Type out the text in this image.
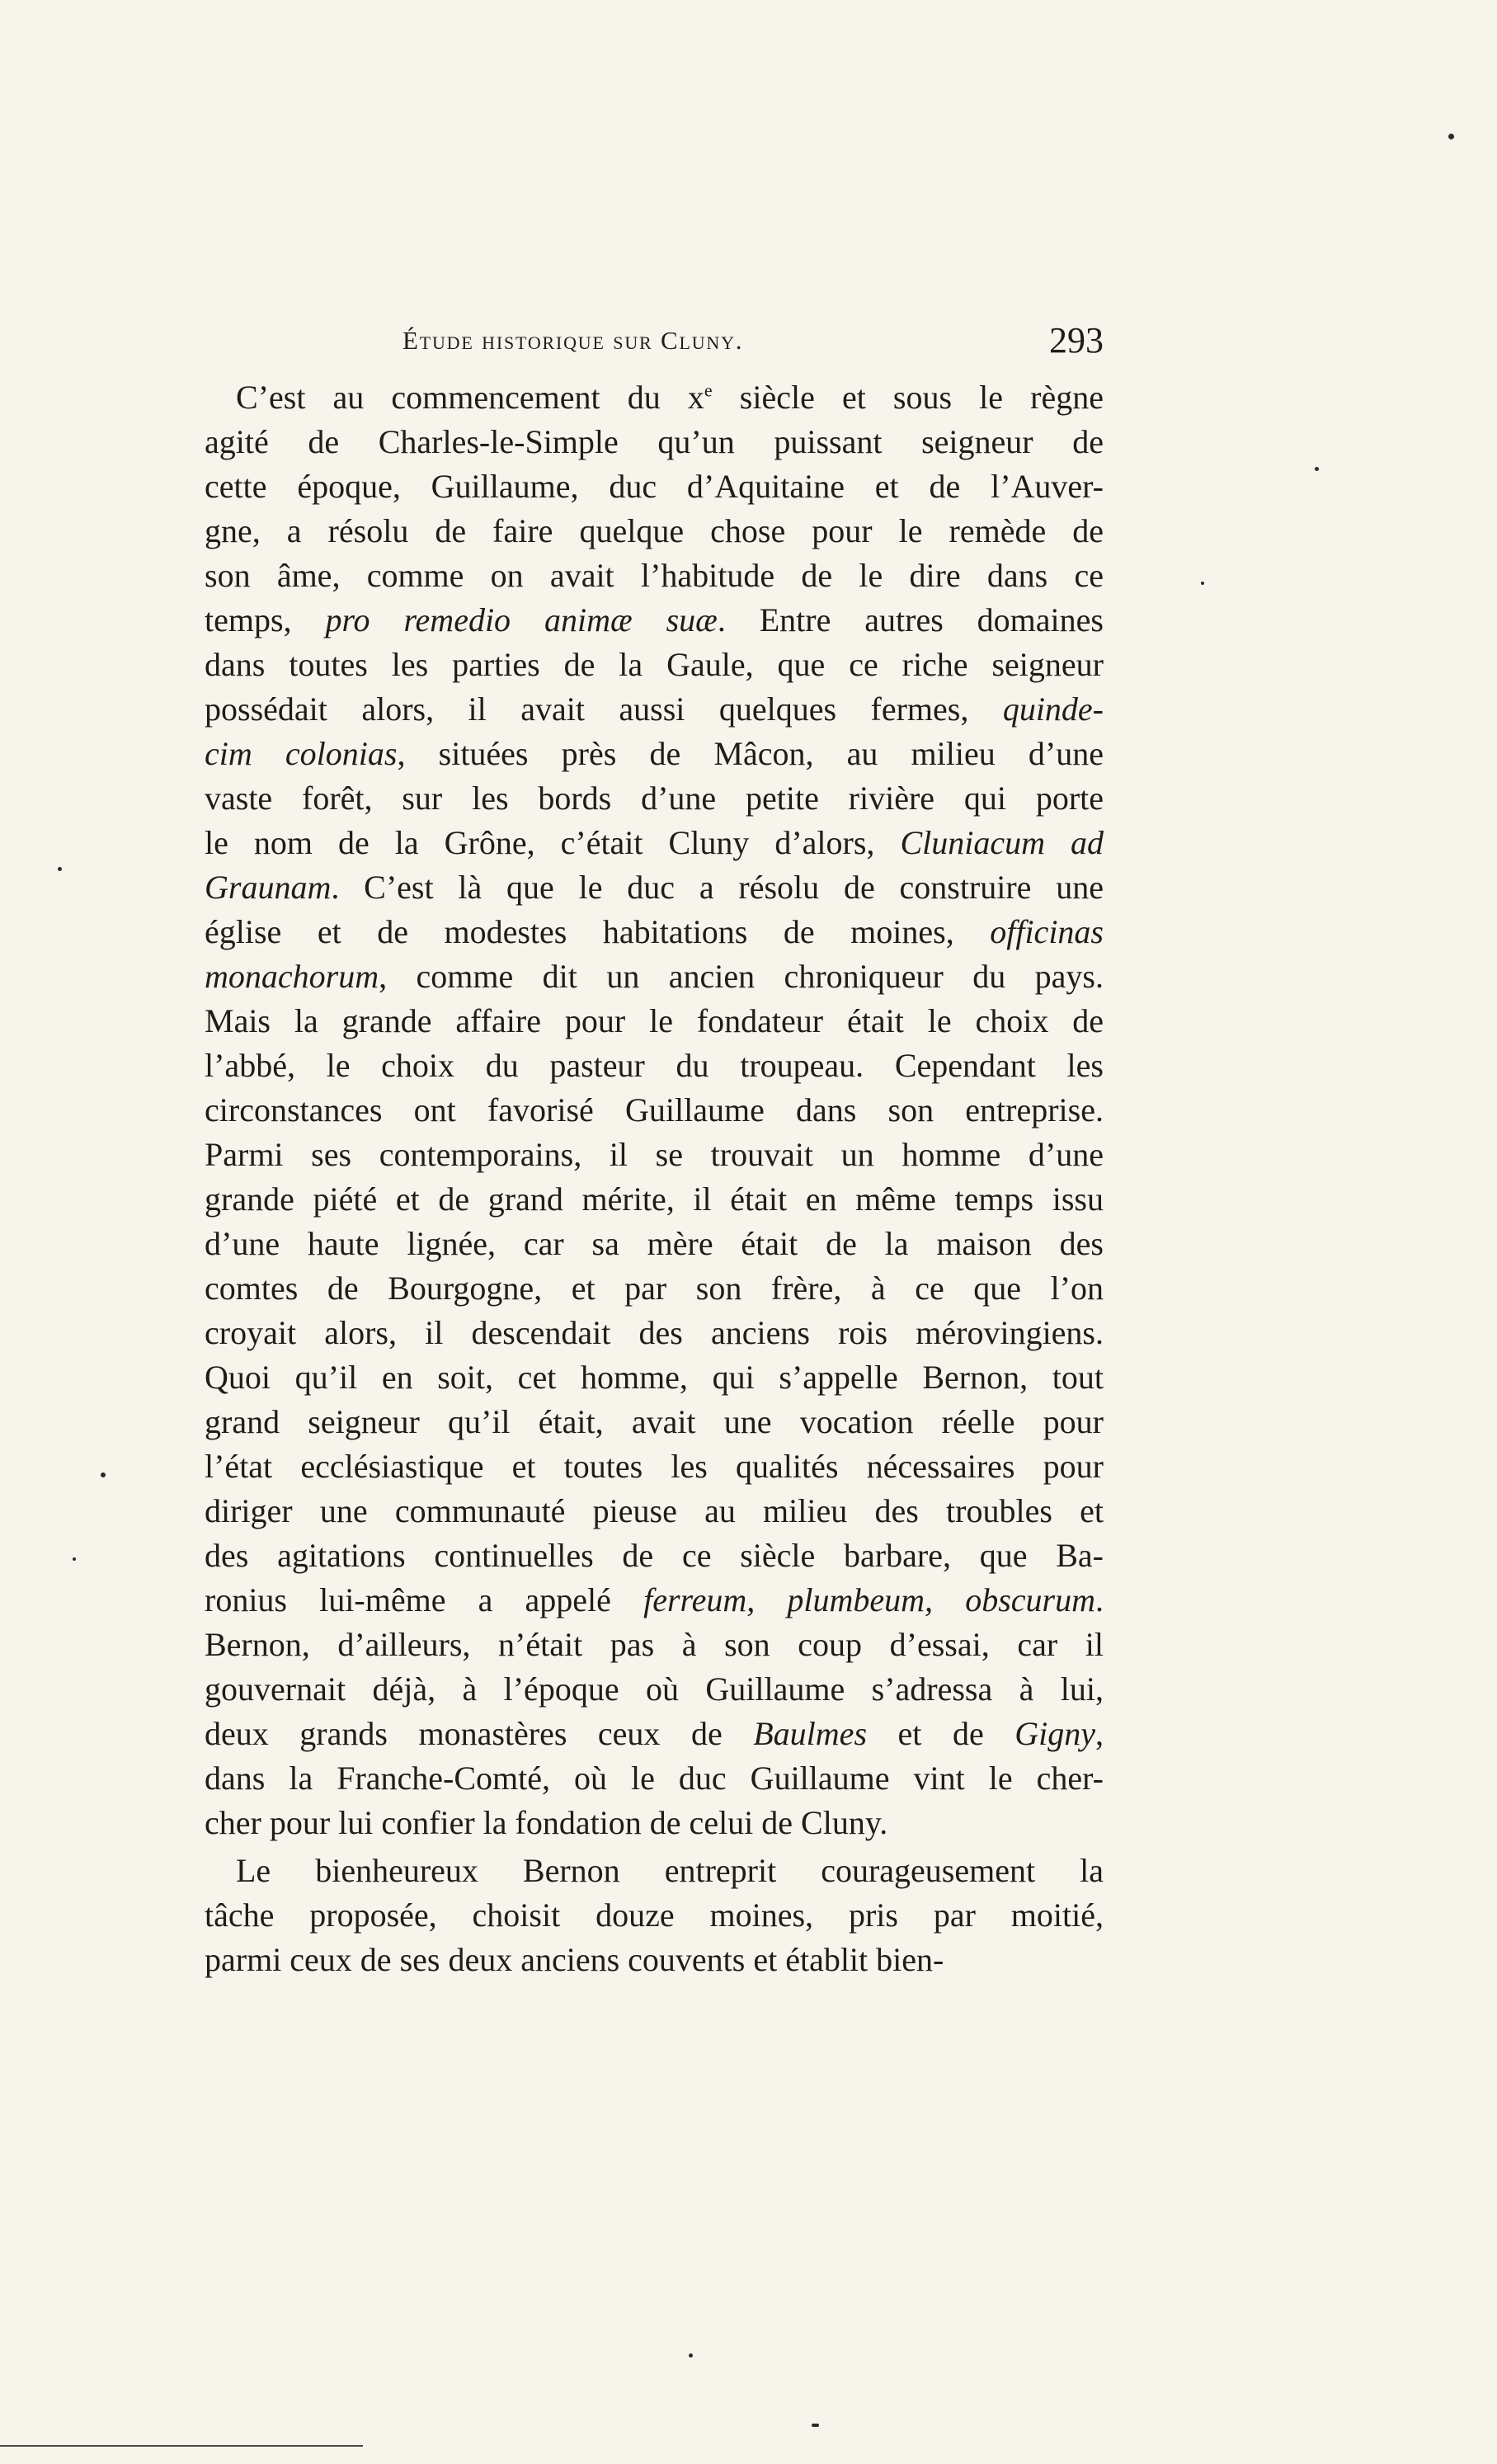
Étude historique sur Cluny.	293
C’est au commencement du $x^e$ siècle et sous le règne
agité de Charles-le-Simple qu’un puissant seigneur de
cette époque, Guillaume, duc d’Aquitaine et de l’Auver-
gne, a résolu de faire quelque chose pour le remède de
son âme, comme on avait l’habitude de le dire dans ce
temps, pro remedio animæ suæ. Entre autres domaines
dans toutes les parties de la Gaule, que ce riche seigneur
possédait alors, il avait aussi quelques fermes, quinde-
cim colonias, situées près de Mâcon, au milieu d’une
vaste forêt, sur les bords d’une petite rivière qui porte
le nom de la Grône, c’était Cluny d’alors, Cluniacum ad
Graunam. C’est là que le duc a résolu de construire une
église et de modestes habitations de moines, officinas
monachorum, comme dit un ancien chroniqueur du pays.
Mais la grande affaire pour le fondateur était le choix de
l’abbé, le choix du pasteur du troupeau. Cependant les
circonstances ont favorisé Guillaume dans son entreprise.
Parmi ses contemporains, il se trouvait un homme d’une
grande piété et de grand mérite, il était en même temps issu
d’une haute lignée, car sa mère était de la maison des
comtes de Bourgogne, et par son frère, à ce que l’on
croyait alors, il descendait des anciens rois mérovingiens.
Quoi qu’il en soit, cet homme, qui s’appelle Bernon, tout
grand seigneur qu’il était, avait une vocation réelle pour
l’état ecclésiastique et toutes les qualités nécessaires pour
diriger une communauté pieuse au milieu des troubles et
des agitations continuelles de ce siècle barbare, que Ba-
ronius lui-même a appelé ferreum, plumbeum, obscurum.
Bernon, d’ailleurs, n’était pas à son coup d’essai, car il
gouvernait déjà, à l’époque où Guillaume s’adressa à lui,
deux grands monastères ceux de Baulmes et de Gigny,
dans la Franche-Comté, où le duc Guillaume vint le cher-
cher pour lui confier la fondation de celui de Cluny.
Le bienheureux Bernon entreprit courageusement la
tâche proposée, choisit douze moines, pris par moitié,
parmi ceux de ses deux anciens couvents et établit bien-
